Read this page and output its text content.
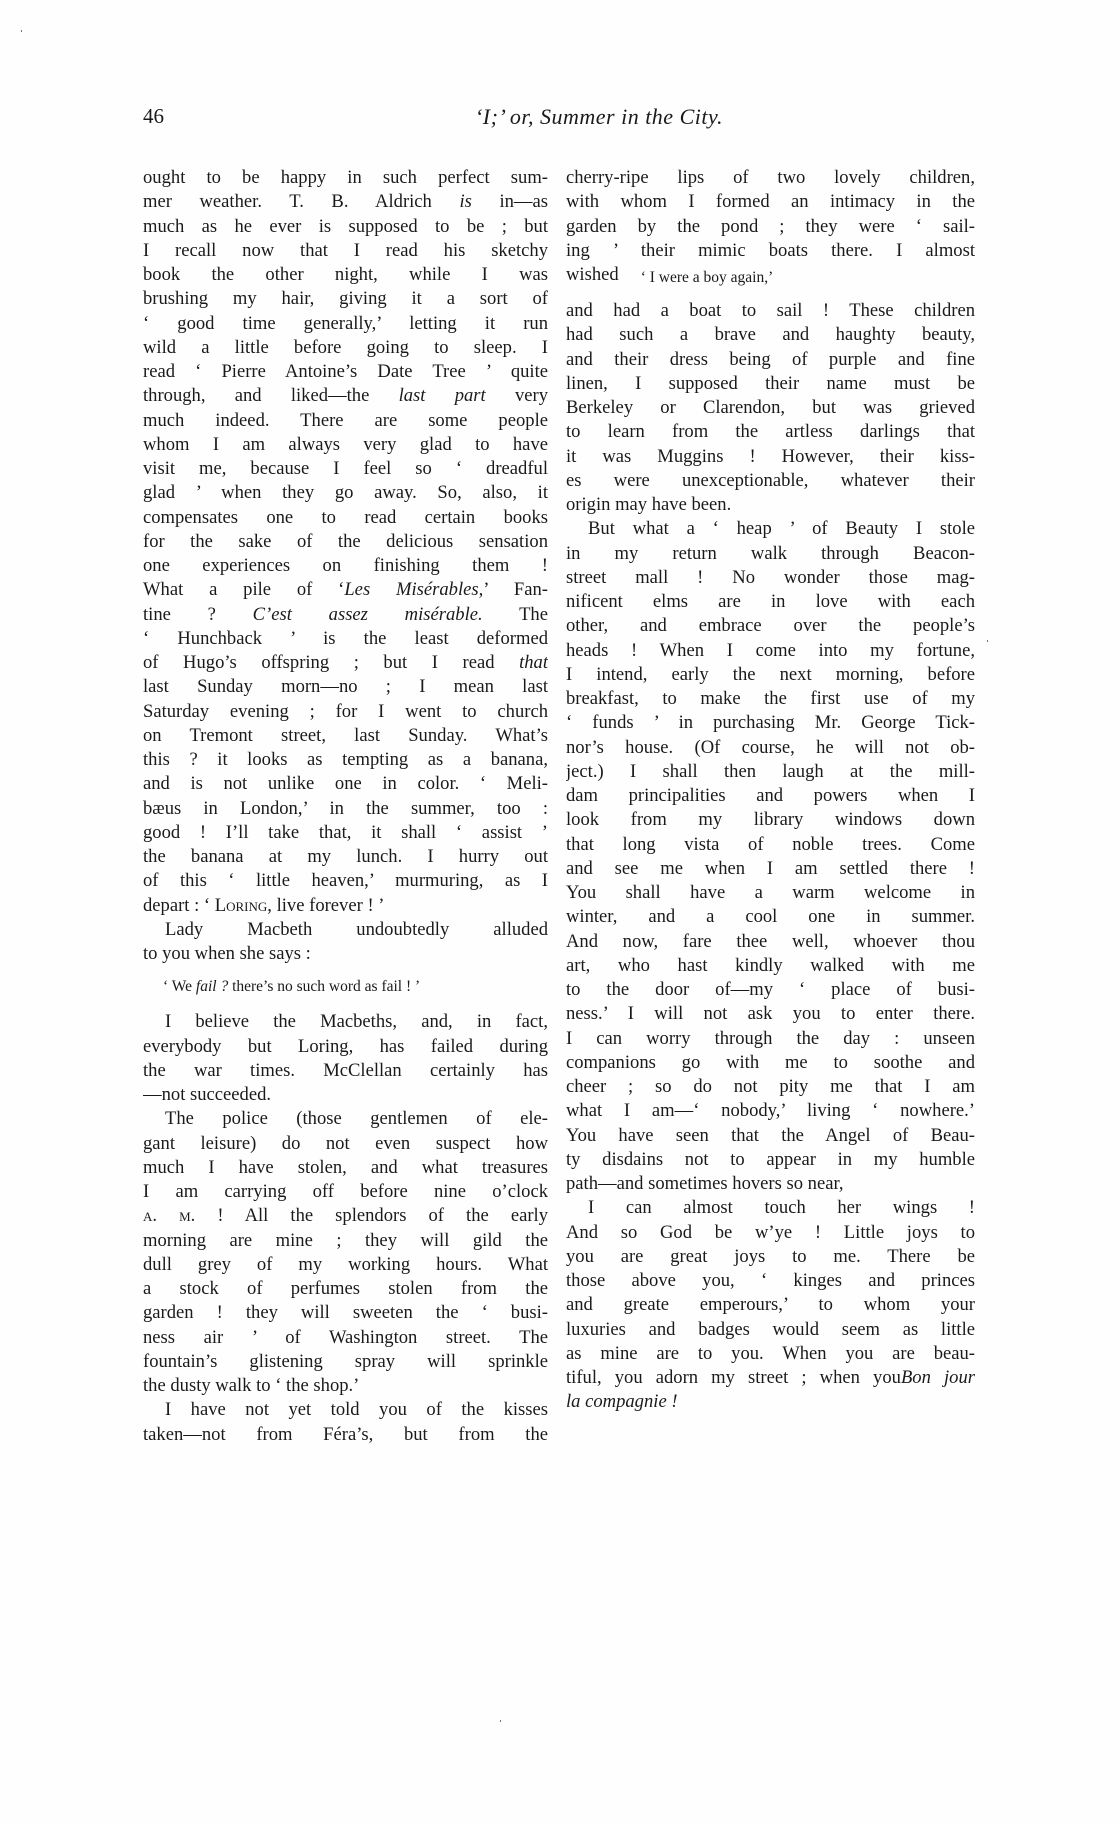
46	‘I;’ or, Summer in the City.
ought to be happy in such perfect sum-
mer weather. T. B. Aldrich is in—as
much as he ever is supposed to be ; but
I recall now that I read his sketchy
book the other night, while I was
brushing my hair, giving it a sort of
‘ good time generally,’ letting it run
wild a little before going to sleep. I
read ‘ Pierre Antoine’s Date Tree ’ quite
through, and liked—the last part very
much indeed. There are some people
whom I am always very glad to have
visit me, because I feel so ‘ dreadful
glad ’ when they go away. So, also, it
compensates one to read certain books
for the sake of the delicious sensation
one experiences on finishing them !
What a pile of ‘Les Misérables,’ Fan-
tine ? C’est assez misérable. The
‘ Hunchback ’ is the least deformed
of Hugo’s offspring ; but I read that
last Sunday morn—no ; I mean last
Saturday evening ; for I went to church
on Tremont street, last Sunday. What’s
this ? it looks as tempting as a banana,
and is not unlike one in color. ‘ Meli-
bæus in London,’ in the summer, too :
good ! I’ll take that, it shall ‘ assist ’
the banana at my lunch. I hurry out
of this ‘ little heaven,’ murmuring, as I
depart : ‘ Loring, live forever ! ’
Lady Macbeth undoubtedly alluded
to you when she says :
‘ We fail ? there’s no such word as fail ! ’
I believe the Macbeths, and, in fact,
everybody but Loring, has failed during
the war times. McClellan certainly has
—not succeeded.
The police (those gentlemen of ele-
gant leisure) do not even suspect how
much I have stolen, and what treasures
I am carrying off before nine o’clock
a. m. ! All the splendors of the early
morning are mine ; they will gild the
dull grey of my working hours. What
a stock of perfumes stolen from the
garden ! they will sweeten the ‘ busi-
ness air ’ of Washington street. The
fountain’s glistening spray will sprinkle
the dusty walk to ‘ the shop.’
I have not yet told you of the kisses
taken—not from Féra’s, but from the
cherry-ripe lips of two lovely children,
with whom I formed an intimacy in the
garden by the pond ; they were ‘ sail-
ing ’ their mimic boats there. I almost
wished ‘ I were a boy again,’
and had a boat to sail ! These children
had such a brave and haughty beauty,
and their dress being of purple and fine
linen, I supposed their name must be
Berkeley or Clarendon, but was grieved
to learn from the artless darlings that
it was Muggins ! However, their kiss-
es were unexceptionable, whatever their
origin may have been.
But what a ‘ heap ’ of Beauty I stole
in my return walk through Beacon-
street mall ! No wonder those mag-
nificent elms are in love with each
other, and embrace over the people’s
heads ! When I come into my fortune,
I intend, early the next morning, before
breakfast, to make the first use of my
‘ funds ’ in purchasing Mr. George Tick-
nor’s house. (Of course, he will not ob-
ject.) I shall then laugh at the mill-
dam principalities and powers when I
look from my library windows down
that long vista of noble trees. Come
and see me when I am settled there !
You shall have a warm welcome in
winter, and a cool one in summer.
And now, fare thee well, whoever thou
art, who hast kindly walked with me
to the door of—my ‘ place of busi-
ness.’ I will not ask you to enter there.
I can worry through the day : unseen
companions go with me to soothe and
cheer ; so do not pity me that I am
what I am—‘ nobody,’ living ‘ nowhere.’
You have seen that the Angel of Beau-
ty disdains not to appear in my humble
path—and sometimes hovers so near,
I can almost touch her wings !
And so God be w’ye ! Little joys to
you are great joys to me. There be
those above you, ‘ kinges and princes
and greate emperours,’ to whom your
luxuries and badges would seem as little
as mine are to you. When you are beau-
tiful, you adorn my street ; when youBon jour
la compagnie !
